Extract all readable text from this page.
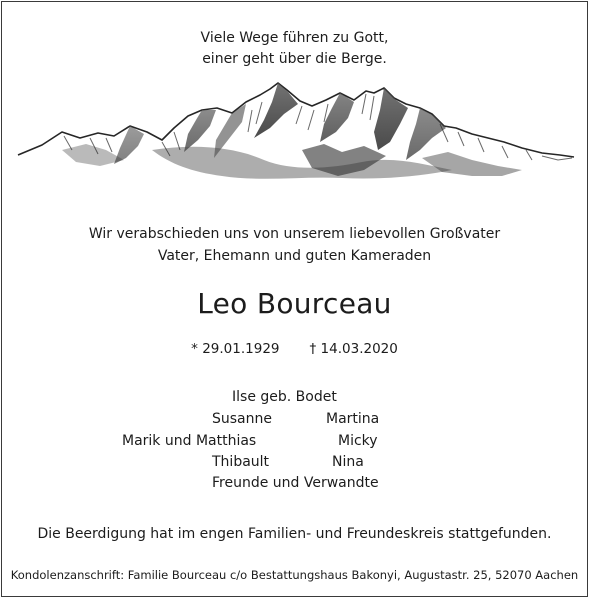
Viele Wege führen zu Gott,
einer geht über die Berge.
Wir verabschieden uns von unserem liebevollen Großvater
Vater, Ehemann und guten Kameraden
Leo Bourceau
* 29.01.1929 † 14.03.2020
Ilse geb. Bodet
Susanne	Martina
Marik und Matthias	Micky
Thibault	Nina
Freunde und Verwandte
Die Beerdigung hat im engen Familien- und Freundeskreis stattgefunden.
Kondolenzanschrift: Familie Bourceau c/o Bestattungshaus Bakonyi, Augustastr. 25, 52070 Aachen
